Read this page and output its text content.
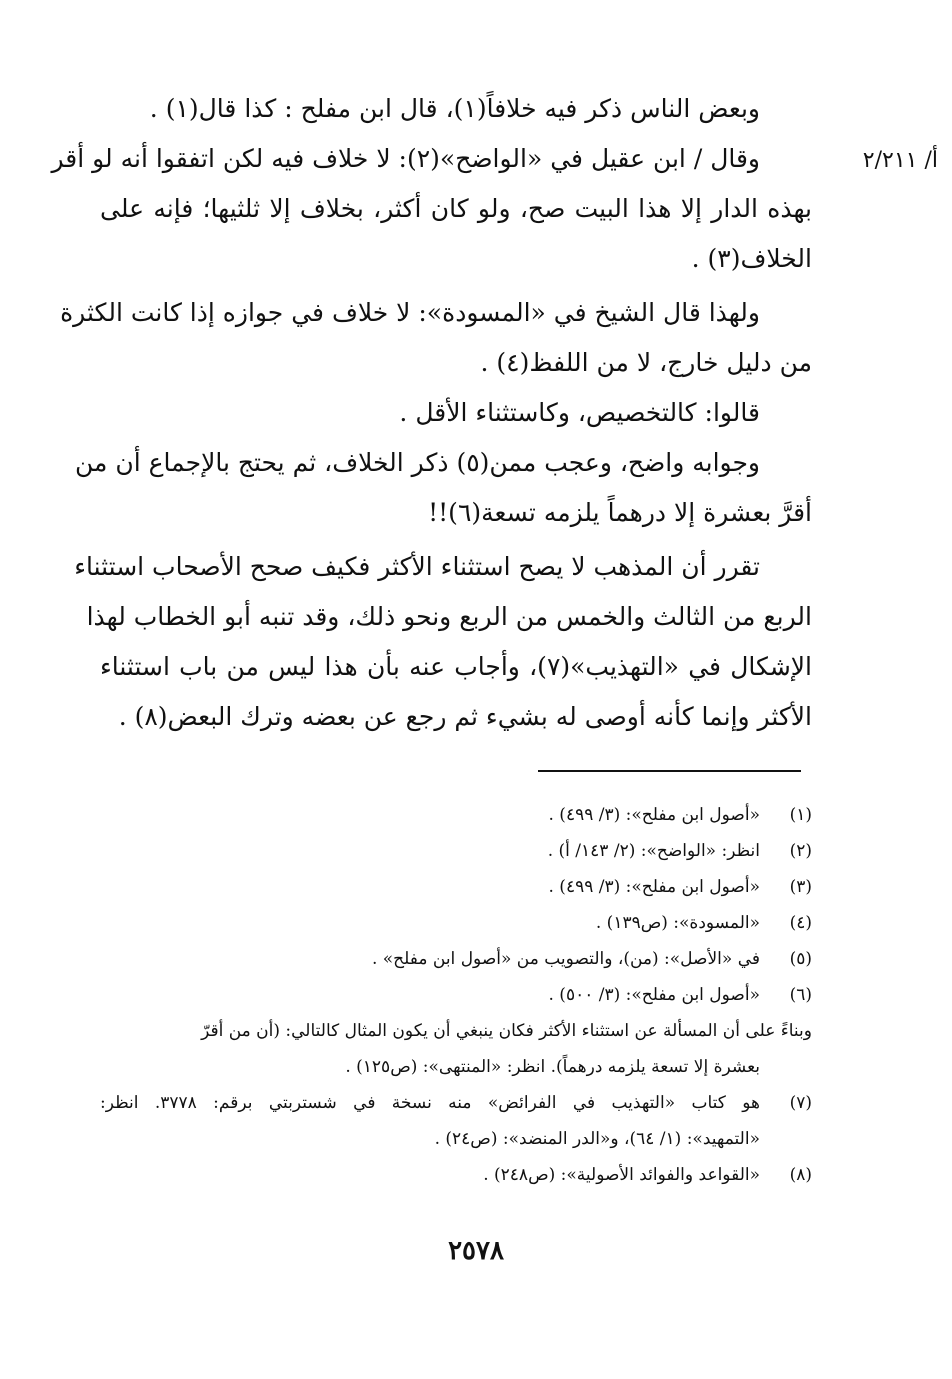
أ/ ٢/٢١١
وبعض الناس ذكر فيه خلافاً(١)، قال ابن مفلح : كذا قال(١) .
وقال / ابن عقيل في «الواضح»(٢): لا خلاف فيه لكن اتفقوا أنه لو أقر
بهذه الدار إلا هذا البيت صح، ولو كان أكثر، بخلاف إلا ثلثيها؛ فإنه على
الخلاف(٣) .
ولهذا قال الشيخ في «المسودة»: لا خلاف في جوازه إذا كانت الكثرة
من دليل خارج، لا من اللفظ(٤) .
قالوا: كالتخصيص، وكاستثناء الأقل .
وجوابه واضح، وعجب ممن(٥) ذكر الخلاف، ثم يحتج بالإجماع أن من
أقرَّ بعشرة إلا درهماً يلزمه تسعة(٦)!!
تقرر أن المذهب لا يصح استثناء الأكثر فكيف صحح الأصحاب استثناء
الربع من الثالث والخمس من الربع ونحو ذلك، وقد تنبه أبو الخطاب لهذا
الإشكال في «التهذيب»(٧)، وأجاب عنه بأن هذا ليس من باب استثناء
الأكثر وإنما كأنه أوصى له بشيء ثم رجع عن بعضه وترك البعض(٨) .
(١)
«أصول ابن مفلح»: (٣/ ٤٩٩) .
(٢)
انظر: «الواضح»: (٢/ ١٤٣/ أ) .
(٣)
«أصول ابن مفلح»: (٣/ ٤٩٩) .
(٤)
«المسودة»: (ص١٣٩) .
(٥)
في «الأصل»: (من)، والتصويب من «أصول ابن مفلح» .
(٦)
«أصول ابن مفلح»: (٣/ ٥٠٠) .
وبناءً على أن المسألة عن استثناء الأكثر فكان ينبغي أن يكون المثال كالتالي: (أن من أقرّ
بعشرة إلا تسعة يلزمه درهماً). انظر: «المنتهى»: (ص١٢٥) .
(٧)
هو كتاب «التهذيب في الفرائض» منه نسخة في شستربتي برقم: ٣٧٧٨. انظر:
«التمهيد»: (١/ ٦٤)، و«الدر المنضد»: (ص٢٤) .
(٨)
«القواعد والفوائد الأصولية»: (ص٢٤٨) .
٢٥٧٨
